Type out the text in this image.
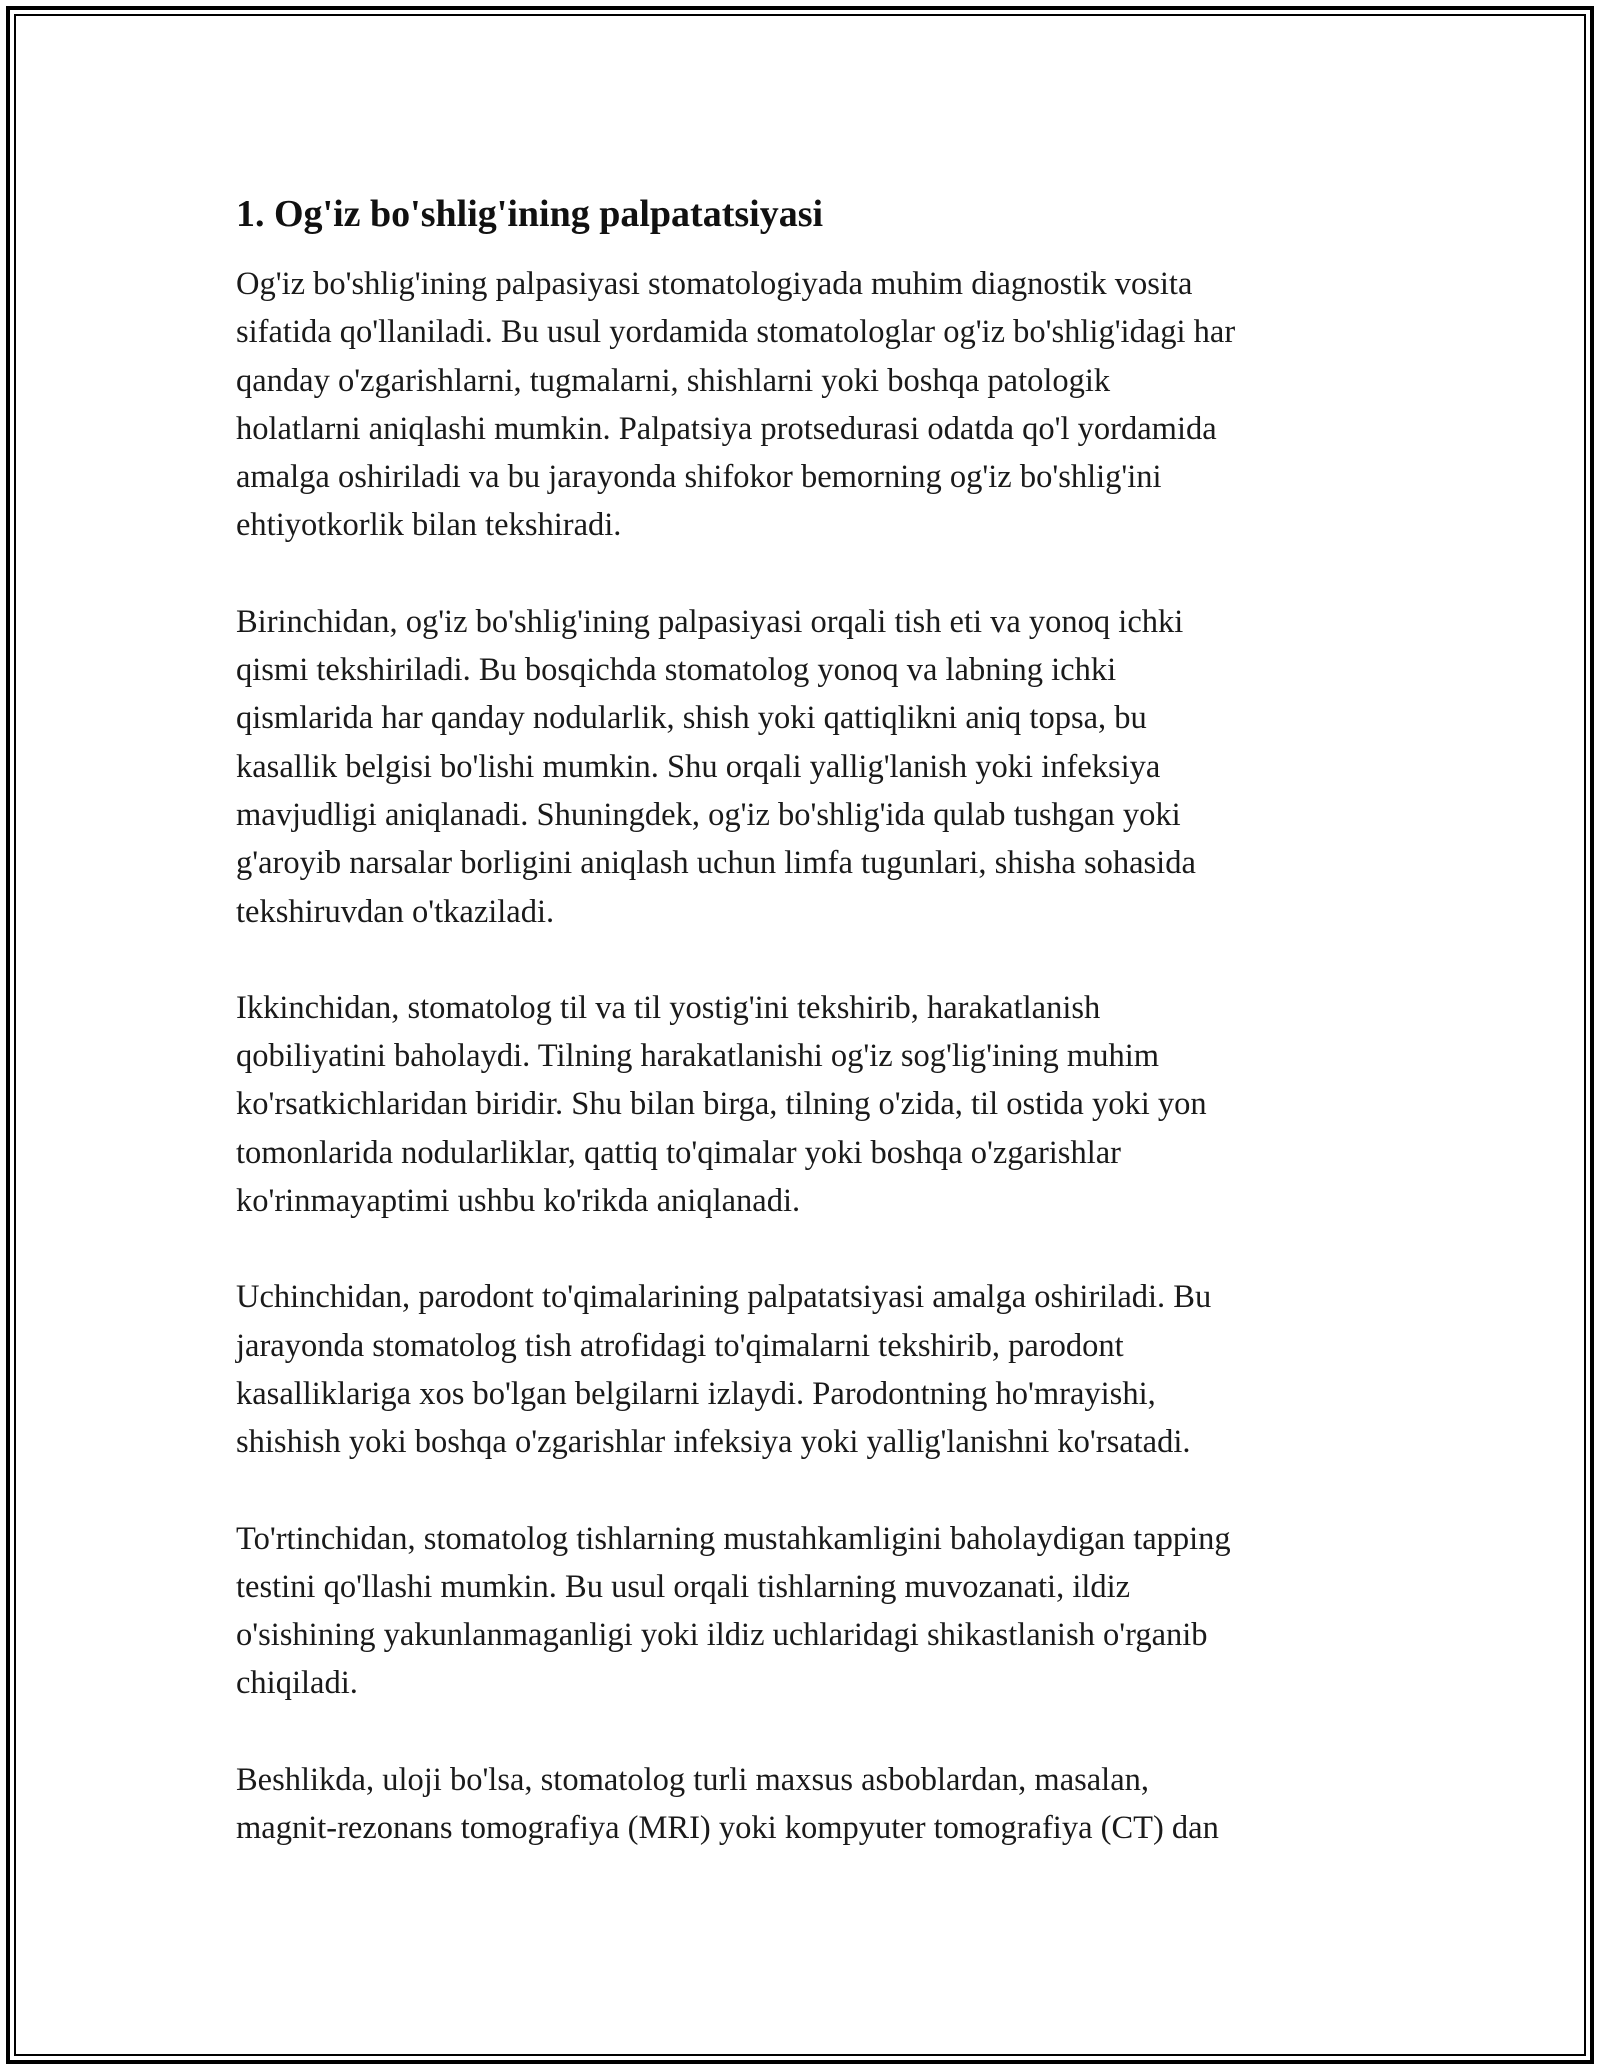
1. Og'iz bo'shlig'ining palpatatsiyasi

Og'iz bo'shlig'ining palpasiyasi stomatologiyada muhim diagnostik vosita
sifatida qo'llaniladi. Bu usul yordamida stomatologlar og'iz bo'shlig'idagi har
qanday o'zgarishlarni, tugmalarni, shishlarni yoki boshqa patologik
holatlarni aniqlashi mumkin. Palpatsiya protsedurasi odatda qo'l yordamida
amalga oshiriladi va bu jarayonda shifokor bemorning og'iz bo'shlig'ini
ehtiyotkorlik bilan tekshiradi.

Birinchidan, og'iz bo'shlig'ining palpasiyasi orqali tish eti va yonoq ichki
qismi tekshiriladi. Bu bosqichda stomatolog yonoq va labning ichki
qismlarida har qanday nodularlik, shish yoki qattiqlikni aniq topsa, bu
kasallik belgisi bo'lishi mumkin. Shu orqali yallig'lanish yoki infeksiya
mavjudligi aniqlanadi. Shuningdek, og'iz bo'shlig'ida qulab tushgan yoki
g'aroyib narsalar borligini aniqlash uchun limfa tugunlari, shisha sohasida
tekshiruvdan o'tkaziladi.

Ikkinchidan, stomatolog til va til yostig'ini tekshirib, harakatlanish
qobiliyatini baholaydi. Tilning harakatlanishi og'iz sog'lig'ining muhim
ko'rsatkichlaridan biridir. Shu bilan birga, tilning o'zida, til ostida yoki yon
tomonlarida nodularliklar, qattiq to'qimalar yoki boshqa o'zgarishlar
ko'rinmayaptimi ushbu ko'rikda aniqlanadi.

Uchinchidan, parodont to'qimalarining palpatatsiyasi amalga oshiriladi. Bu
jarayonda stomatolog tish atrofidagi to'qimalarni tekshirib, parodont
kasalliklariga xos bo'lgan belgilarni izlaydi. Parodontning ho'mrayishi,
shishish yoki boshqa o'zgarishlar infeksiya yoki yallig'lanishni ko'rsatadi.

To'rtinchidan, stomatolog tishlarning mustahkamligini baholaydigan tapping
testini qo'llashi mumkin. Bu usul orqali tishlarning muvozanati, ildiz
o'sishining yakunlanmaganligi yoki ildiz uchlaridagi shikastlanish o'rganib
chiqiladi.

Beshlikda, uloji bo'lsa, stomatolog turli maxsus asboblardan, masalan,
magnit-rezonans tomografiya (MRI) yoki kompyuter tomografiya (CT) dan
